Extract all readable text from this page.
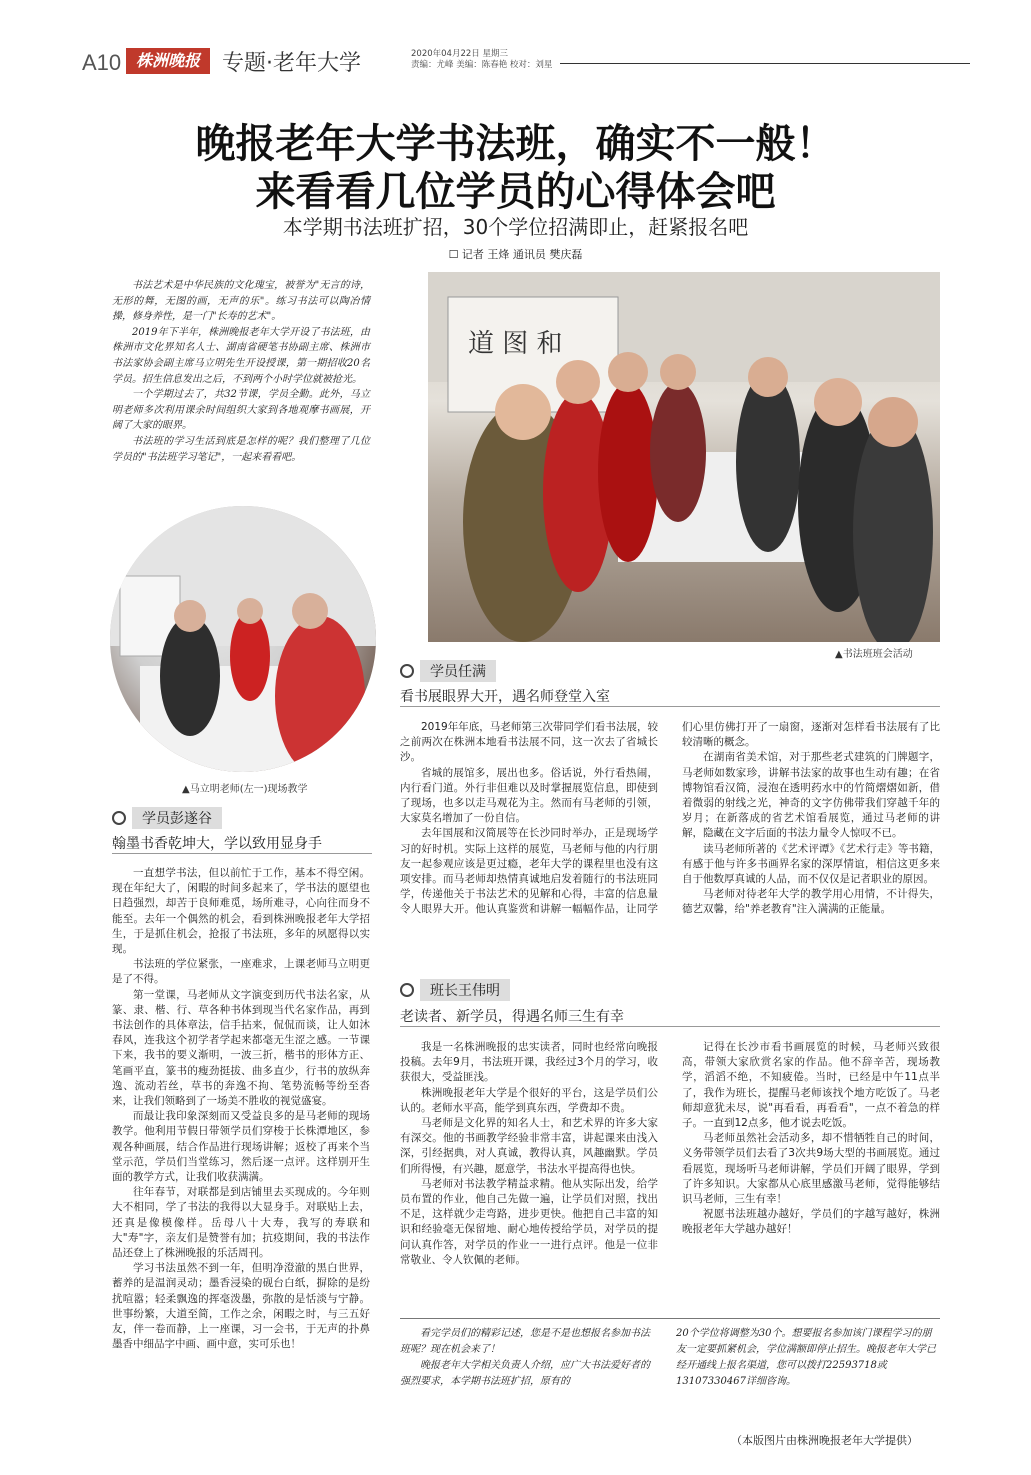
A10 株洲晚报	专题·老年大学	2020年04月22日 星期三
责编：尤峰 美编：陈春艳 校对：刘星
晚报老年大学书法班，确实不一般！
来看看几位学员的心得体会吧
本学期书法班扩招，30个学位招满即止，赶紧报名吧
☐ 记者 王烽 通讯员 樊庆磊

书法艺术是中华民族的文化瑰宝，被誉为"无言的诗，无形的舞，无图的画，无声的乐"。练习书法可以陶冶情操，修身养性，是一门"长寿的艺术"。

2019年下半年，株洲晚报老年大学开设了书法班，由株洲市文化界知名人士、湖南省硬笔书协副主席、株洲市书法家协会副主席马立明先生开设授课，第一期招收20名学员。招生信息发出之后，不到两个小时学位就被抢光。

一个学期过去了，共32节课，学员全勤。此外，马立明老师多次利用课余时间组织大家到各地观摩书画展，开阔了大家的眼界。

书法班的学习生活到底是怎样的呢？我们整理了几位学员的"书法班学习笔记"，一起来看看吧。

道 图 和
▲书法班班会活动
▲马立明老师(左一)现场教学
学员彭遂谷
翰墨书香乾坤大，学以致用显身手

一直想学书法，但以前忙于工作，基本不得空闲。现在年纪大了，闲暇的时间多起来了，学书法的愿望也日趋强烈，却苦于良师难觅，场所难寻，心向往而身不能至。去年一个偶然的机会，看到株洲晚报老年大学招生，于是抓住机会，抢报了书法班，多年的夙愿得以实现。

书法班的学位紧张，一座难求，上课老师马立明更是了不得。

第一堂课，马老师从文字演变到历代书法名家，从篆、隶、楷、行、草各种书体到现当代名家作品，再到书法创作的具体章法，信手拈来，侃侃而谈，让人如沐春风，连我这个初学者学起来都毫无生涩之感。一节课下来，我书的要义渐明，一波三折，楷书的形体方正、笔画平直，篆书的瘦劲挺拔、曲多直少，行书的放纵奔逸、流动若丝，草书的奔逸不拘、笔势流畅等纷至沓来，让我们领略到了一场美不胜收的视觉盛宴。

而最让我印象深刻而又受益良多的是马老师的现场教学。他利用节假日带领学员们穿梭于长株潭地区，参观各种画展，结合作品进行现场讲解；返校了再来个当堂示范，学员们当堂练习，然后逐一点评。这样别开生面的教学方式，让我们收获满满。

往年春节，对联都是到店铺里去买现成的。今年则大不相同，学了书法的我得以大显身手。对联贴上去，还真是像模像样。岳母八十大寿，我写的寿联和大"寿"字，亲友们是赞誉有加；抗疫期间，我的书法作品还登上了株洲晚报的乐活周刊。

学习书法虽然不到一年，但明净澄澈的黑白世界，蓄养的是温润灵动；墨香浸染的砚台白纸，摒除的是纷扰喧嚣；轻柔飘逸的挥毫泼墨，弥散的是恬淡与宁静。世事纷繁，大道至简，工作之余，闲暇之时，与三五好友，伴一卷而静，上一座课，习一会书，于无声的扑鼻墨香中细品字中画、画中意，实可乐也！

学员任满
看书展眼界大开，遇名师登堂入室

2019年年底，马老师第三次带同学们看书法展，较之前两次在株洲本地看书法展不同，这一次去了省城长沙。

省城的展馆多，展出也多。俗话说，外行看热闹，内行看门道。外行非但难以及时掌握展览信息，即使到了现场，也多以走马观花为主。然而有马老师的引领，大家莫名增加了一份自信。

去年国展和汉简展等在长沙同时举办，正是现场学习的好时机。实际上这样的展览，马老师与他的内行朋友一起参观应该是更过瘾，老年大学的课程里也没有这项安排。而马老师却热情真诚地启发着随行的书法班同学，传递他关于书法艺术的见解和心得，丰富的信息量令人眼界大开。他认真鉴赏和讲解一幅幅作品，让同学们心里仿佛打开了一扇窗，逐渐对怎样看书法展有了比较清晰的概念。

在湖南省美术馆，对于那些老式建筑的门牌题字，马老师如数家珍，讲解书法家的故事也生动有趣；在省博物馆看汉简，浸泡在透明药水中的竹简熠熠如新，借着微弱的射线之光，神奇的文字仿佛带我们穿越千年的岁月；在新落成的省艺术馆看展览，通过马老师的讲解，隐藏在文字后面的书法力量令人惊叹不已。

读马老师所著的《艺术评谭》《艺术行走》等书籍，有感于他与许多书画界名家的深厚情谊，相信这更多来自于他数厚真诚的人品，而不仅仅是记者职业的原因。

马老师对待老年大学的教学用心用情，不计得失，德艺双馨，给"养老教育"注入满满的正能量。

班长王伟明
老读者、新学员，得遇名师三生有幸

我是一名株洲晚报的忠实读者，同时也经常向晚报投稿。去年9月，书法班开课，我经过3个月的学习，收获很大，受益匪浅。

株洲晚报老年大学是个很好的平台，这是学员们公认的。老师水平高，能学到真东西，学费却不贵。

马老师是文化界的知名人士，和艺术界的许多大家有深交。他的书画教学经验非常丰富，讲起课来由浅入深，引经据典，对人真诚，教得认真，风趣幽默。学员们所得慢，有兴趣，愿意学，书法水平提高得也快。

马老师对书法教学精益求精。他从实际出发，给学员布置的作业，他自己先做一遍，让学员们对照，找出不足，这样就少走弯路，进步更快。他把自己丰富的知识和经验毫无保留地、耐心地传授给学员，对学员的提问认真作答，对学员的作业一一进行点评。他是一位非常敬业、令人钦佩的老师。

记得在长沙市看书画展览的时候，马老师兴致很高，带领大家欣赏名家的作品。他不辞辛苦，现场教学，滔滔不绝，不知疲倦。当时，已经是中午11点半了，我作为班长，提醒马老师该找个地方吃饭了。马老师却意犹未尽，说"再看看，再看看"，一点不着急的样子。一直到12点多，他才说去吃饭。

马老师虽然社会活动多，却不惜牺牲自己的时间，义务带领学员们去看了3次共9场大型的书画展览。通过看展览，现场听马老师讲解，学员们开阔了眼界，学到了许多知识。大家都从心底里感激马老师，觉得能够结识马老师，三生有幸！

祝愿书法班越办越好，学员们的字越写越好，株洲晚报老年大学越办越好！

看完学员们的精彩记述，您是不是也想报名参加书法班呢？现在机会来了！

晚报老年大学相关负责人介绍，应广大书法爱好者的强烈要求，本学期书法班扩招，原有的

20个学位将调整为30个。想要报名参加该门课程学习的朋友一定要抓紧机会，学位满额即停止招生。晚报老年大学已经开通线上报名渠道，您可以拨打22593718或13107330467详细咨询。

（本版图片由株洲晚报老年大学提供）
